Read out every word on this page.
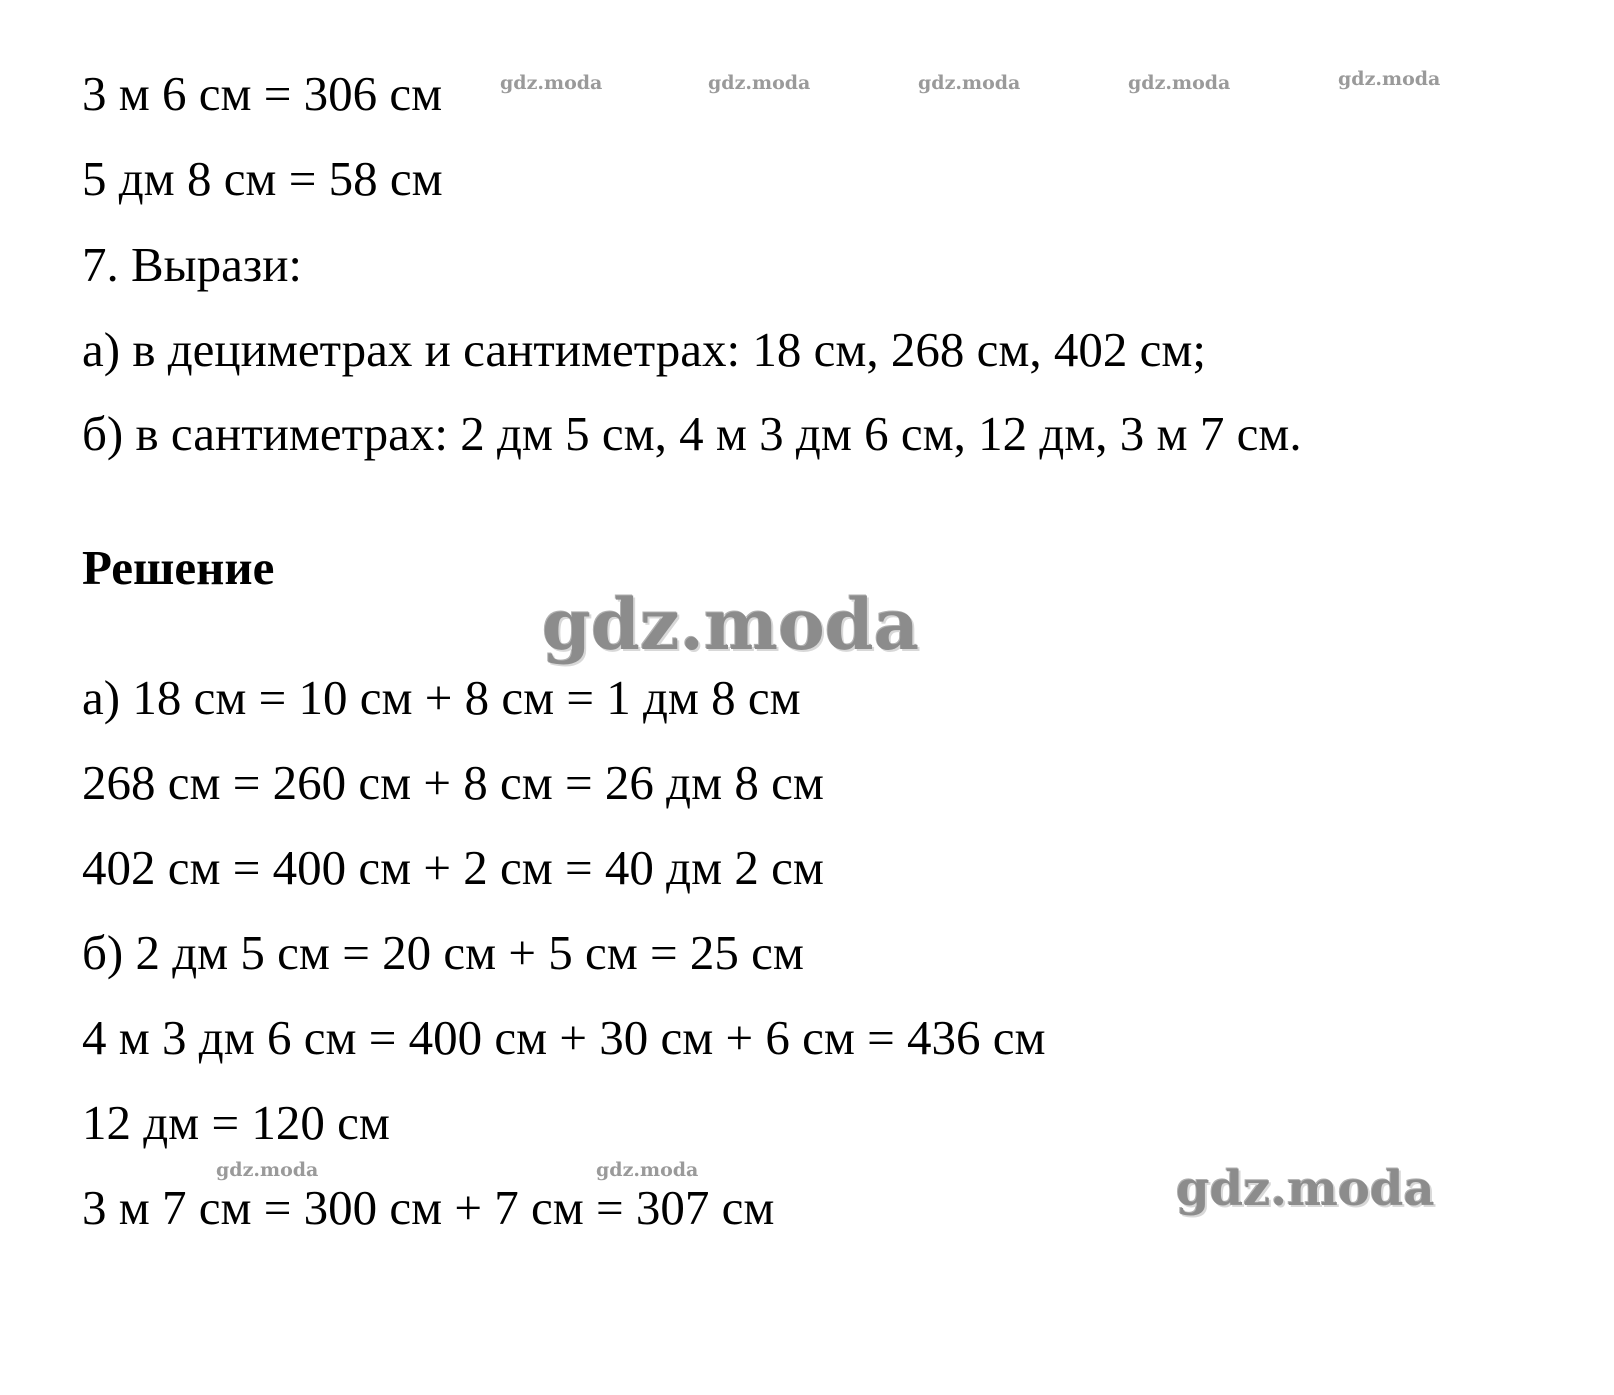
3 м 6 см = 306 см
5 дм 8 см = 58 см
7. Вырази:
а) в дециметрах и сантиметрах: 18 см, 268 см, 402 см;
б) в сантиметрах: 2 дм 5 см, 4 м 3 дм 6 см, 12 дм, 3 м 7 см.
Решение
а) 18 см = 10 см + 8 см = 1 дм 8 см
268 см = 260 см + 8 см = 26 дм 8 см
402 см = 400 см + 2 см = 40 дм 2 см
б) 2 дм 5 см = 20 см + 5 см = 25 см
4 м 3 дм 6 см = 400 см + 30 см + 6 см = 436 см
12 дм = 120 см
3 м 7 см = 300 см + 7 см = 307 см
gdz.moda	gdz.moda	gdz.moda	gdz.moda	gdz.moda
gdz.moda	gdz.moda
gdz.moda
gdz.moda
